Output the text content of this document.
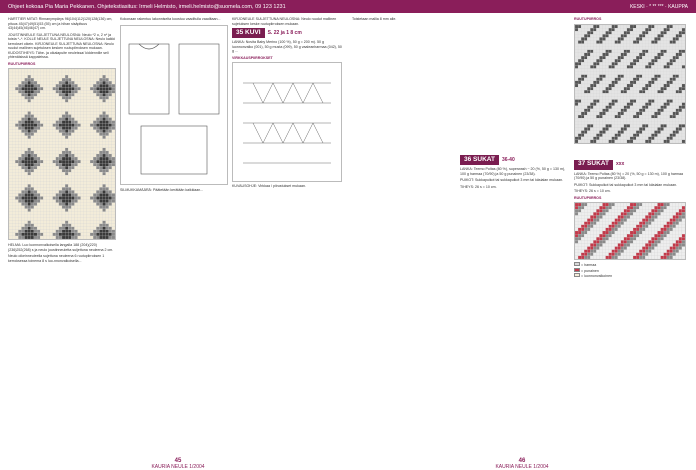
Ohjeet kokoaa Pia Maria Pekkanen. Ohjetekstiasitus: Irmeli Helmisto, irmeli.helmisto@suomela.com, 09 123 1231	KESKI · * ** *** · KAUPPA

HARTTIER MITAT: Rinnanympärys 96(104)112(120)128(136) cm, pituus 45(47)49(51)53 (55) cm ja hihan sisäpituus 43(44)45(46)46(47) cm.

JOUSTINNEULE SULJETTUNA NEULOSNA: Neulo *2 o, 2 n* ja toista *–*. KOLLE NEULE SULJETTUNA NEULOSNA: Neulo kaikki kerrokset oikein. KIRJONEULE SULJETTUNA NEULOSNA: Neulo ruudut mallinen sujetuksen kesken ruutupiirroksen mukaan. KUDOSTIHEYS: Tähe- ja oikalapuite neuleissa/ kiddennille seli yhtenäisissä kappaleissa.

RUUTUPIIRROS

HELMA: Luo luonnonvalkoisella langalla 188 (204)(220)(236)252(268) s ja neulo joustinneuletta suljettuna neuleena 2 cm.

Neulo oikeinneuleella sujettuna neuleena 6 ruutupiirroksen 1 kerroksessa toinema 8 s luo-nnonvalkoisella...

Kokonaan rakentuu lakonniselta koostuu vaaditulla vaaditaan...

SILMUKKAMÄÄRÄ: Päätetään kerätään kaikkiaan...

KIRJONEULE SULJETTUNA NEULOSNA: Neulo ruudut mallinen sujetuksen keske ruutupiirroksen mukaan.

35 KUVI	S. 22 ja 1 8 cm

LANKA: Novita Baby Merino (100 %), 50 g = 200 m). 50 g luonnonvalko (001), 50 g musta (099), 50 g vaaleanharmaa (042), 50 g ...

VIRKKAUSPIIRROKSET

KUVAUSOHJE: Virkkaa / piirustukset mukaan.

45
KAURIA NEULE 1/2004

Toistetaan mallia 8 mm alle.

36 SUKAT	36-40

LANKA: Teemo Poltas (80 %), superwash ~ 20 (%, 50 g = 130 m), 100 g harmaa (70/90) ja 50 g punainen (23/38).

PUIKOT: Sukkapuikot tai sukkapuikot 3 mm tai käsialan mukaan.

TIHEYS: 26 s = 10 cm.

RUUTUPIIRROS

37 SUKAT	xxx

LANKA: Teemo Poltas (80 %) = 20 (%, 50 g = 130 m), 100 g harmaa (70/90) ja 50 g punainen (23/38).

PUIKOT: Sukkapuikot tai sukkapuikot 3 mm tai käsialan mukaan.

TIHEYS: 26 s = 10 cm.

RUUTUPIIRROS

= harmaa
= punainen
= luonnonvalkoinen
46
KAURIA NEULE 1/2004
